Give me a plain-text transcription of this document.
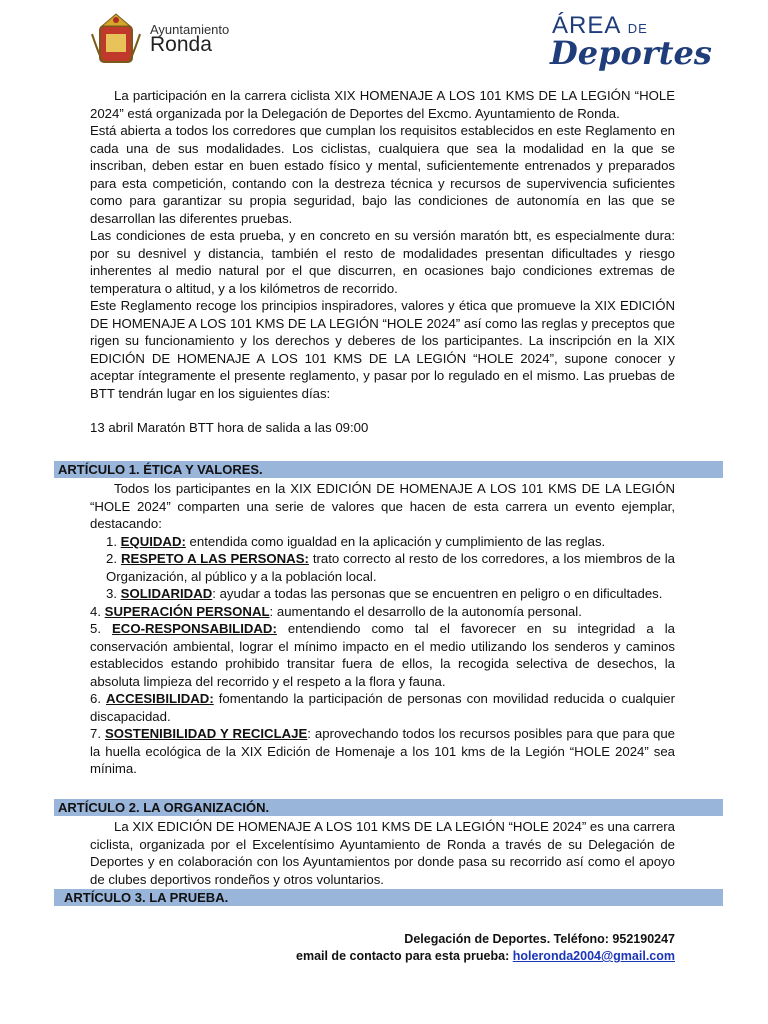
Ayuntamiento
Ronda
ÁREA DE
Deportes

La participación en la carrera ciclista XIX HOMENAJE A LOS 101 KMS DE LA LEGIÓN “HOLE 2024” está organizada por la Delegación de Deportes del Excmo. Ayuntamiento de Ronda.

Está abierta a todos los corredores que cumplan los requisitos establecidos en este Reglamento en cada una de sus modalidades. Los ciclistas, cualquiera que sea la modalidad en la que se inscriban, deben estar en buen estado físico y mental, suficientemente entrenados y preparados para esta competición, contando con la destreza técnica y recursos de supervivencia suficientes como para garantizar su propia seguridad, bajo las condiciones de autonomía en las que se desarrollan las diferentes pruebas.

Las condiciones de esta prueba, y en concreto en su versión maratón btt, es especialmente dura: por su desnivel y distancia, también el resto de modalidades presentan dificultades y riesgo inherentes al medio natural por el que discurren, en ocasiones bajo condiciones extremas de temperatura o altitud, y a los kilómetros de recorrido.

Este Reglamento recoge los principios inspiradores, valores y ética que promueve la XIX EDICIÓN DE HOMENAJE A LOS 101 KMS DE LA LEGIÓN “HOLE 2024” así como las reglas y preceptos que rigen su funcionamiento y los derechos y deberes de los participantes. La inscripción en la XIX EDICIÓN DE HOMENAJE A LOS 101 KMS DE LA LEGIÓN “HOLE 2024”, supone conocer y aceptar íntegramente el presente reglamento, y pasar por lo regulado en el mismo. Las pruebas de BTT tendrán lugar en los siguientes días:

13 abril Maratón BTT hora de salida a las 09:00

ARTÍCULO 1. ÉTICA Y VALORES.

Todos los participantes en la XIX EDICIÓN DE HOMENAJE A LOS 101 KMS DE LA LEGIÓN “HOLE 2024” comparten una serie de valores que hacen de esta carrera un evento ejemplar, destacando:

1. EQUIDAD: entendida como igualdad en la aplicación y cumplimiento de las reglas.
2. RESPETO A LAS PERSONAS: trato correcto al resto de los corredores, a los miembros de la Organización, al público y a la población local.
3. SOLIDARIDAD: ayudar a todas las personas que se encuentren en peligro o en dificultades.
4. SUPERACIÓN PERSONAL: aumentando el desarrollo de la autonomía personal.
5. ECO-RESPONSABILIDAD: entendiendo como tal el favorecer en su integridad a la conservación ambiental, lograr el mínimo impacto en el medio utilizando los senderos y caminos establecidos estando prohibido transitar fuera de ellos, la recogida selectiva de desechos, la absoluta limpieza del recorrido y el respeto a la flora y fauna.
6. ACCESIBILIDAD: fomentando la participación de personas con movilidad reducida o cualquier discapacidad.
7. SOSTENIBILIDAD Y RECICLAJE: aprovechando todos los recursos posibles para que para que la huella ecológica de la XIX Edición de Homenaje a los 101 kms de la Legión “HOLE 2024” sea mínima.
ARTÍCULO 2. LA ORGANIZACIÓN.

La XIX EDICIÓN DE HOMENAJE A LOS 101 KMS DE LA LEGIÓN “HOLE 2024” es una carrera ciclista, organizada por el Excelentísimo Ayuntamiento de Ronda a través de su Delegación de Deportes y en colaboración con los Ayuntamientos por donde pasa su recorrido así como el apoyo de clubes deportivos rondeños y otros voluntarios.

ARTÍCULO 3. LA PRUEBA.
Delegación de Deportes. Teléfono: 952190247
email de contacto para esta prueba: holeronda2004@gmail.com
